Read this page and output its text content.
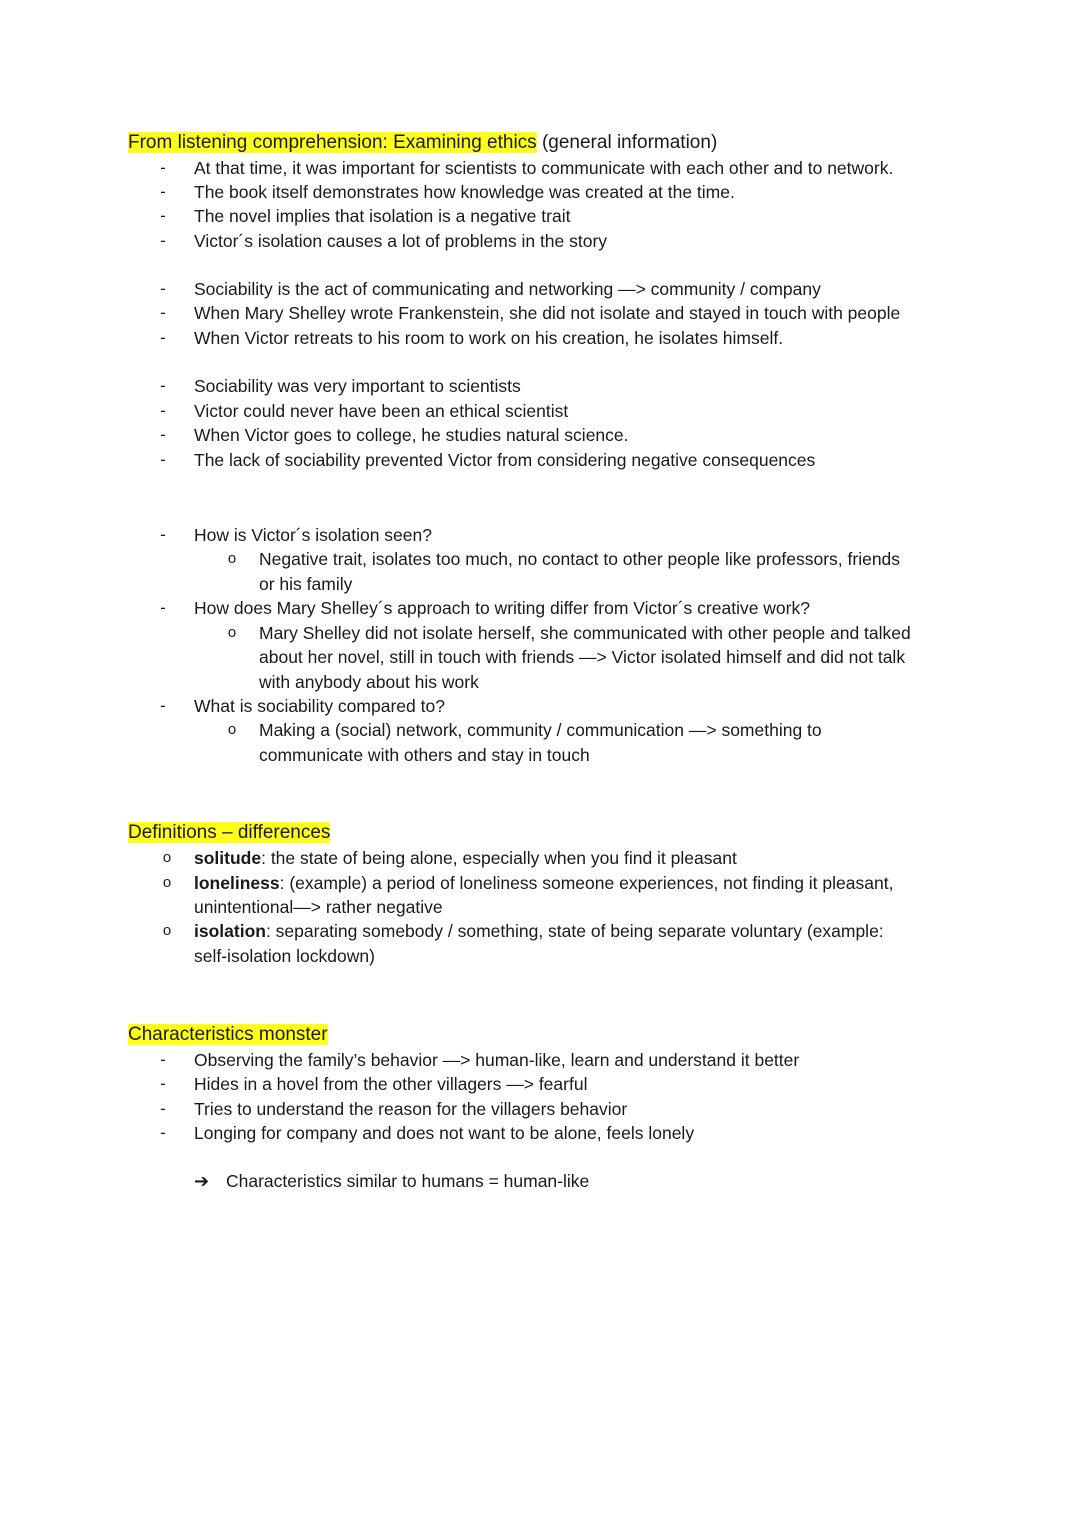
From listening comprehension: Examining ethics (general information)
- At that time, it was important for scientists to communicate with each other and to network.
- The book itself demonstrates how knowledge was created at the time.
- The novel implies that isolation is a negative trait
- Victor´s isolation causes a lot of problems in the story
- Sociability is the act of communicating and networking —> community / company
- When Mary Shelley wrote Frankenstein, she did not isolate and stayed in touch with people
- When Victor retreats to his room to work on his creation, he isolates himself.
- Sociability was very important to scientists
- Victor could never have been an ethical scientist
- When Victor goes to college, he studies natural science.
- The lack of sociability prevented Victor from considering negative consequences
- How is Victor´s isolation seen?
o Negative trait, isolates too much, no contact to other people like professors, friends
or his family
- How does Mary Shelley´s approach to writing differ from Victor´s creative work?
o Mary Shelley did not isolate herself, she communicated with other people and talked
about her novel, still in touch with friends —> Victor isolated himself and did not talk
with anybody about his work
- What is sociability compared to?
o Making a (social) network, community / communication —> something to
communicate with others and stay in touch
Definitions – differences
o solitude: the state of being alone, especially when you find it pleasant
o loneliness: (example) a period of loneliness someone experiences, not finding it pleasant,
unintentional—> rather negative
o isolation: separating somebody / something, state of being separate voluntary (example:
self-isolation lockdown)
Characteristics monster
- Observing the family’s behavior —> human-like, learn and understand it better
- Hides in a hovel from the other villagers —> fearful
- Tries to understand the reason for the villagers behavior
- Longing for company and does not want to be alone, feels lonely
➔ Characteristics similar to humans = human-like
